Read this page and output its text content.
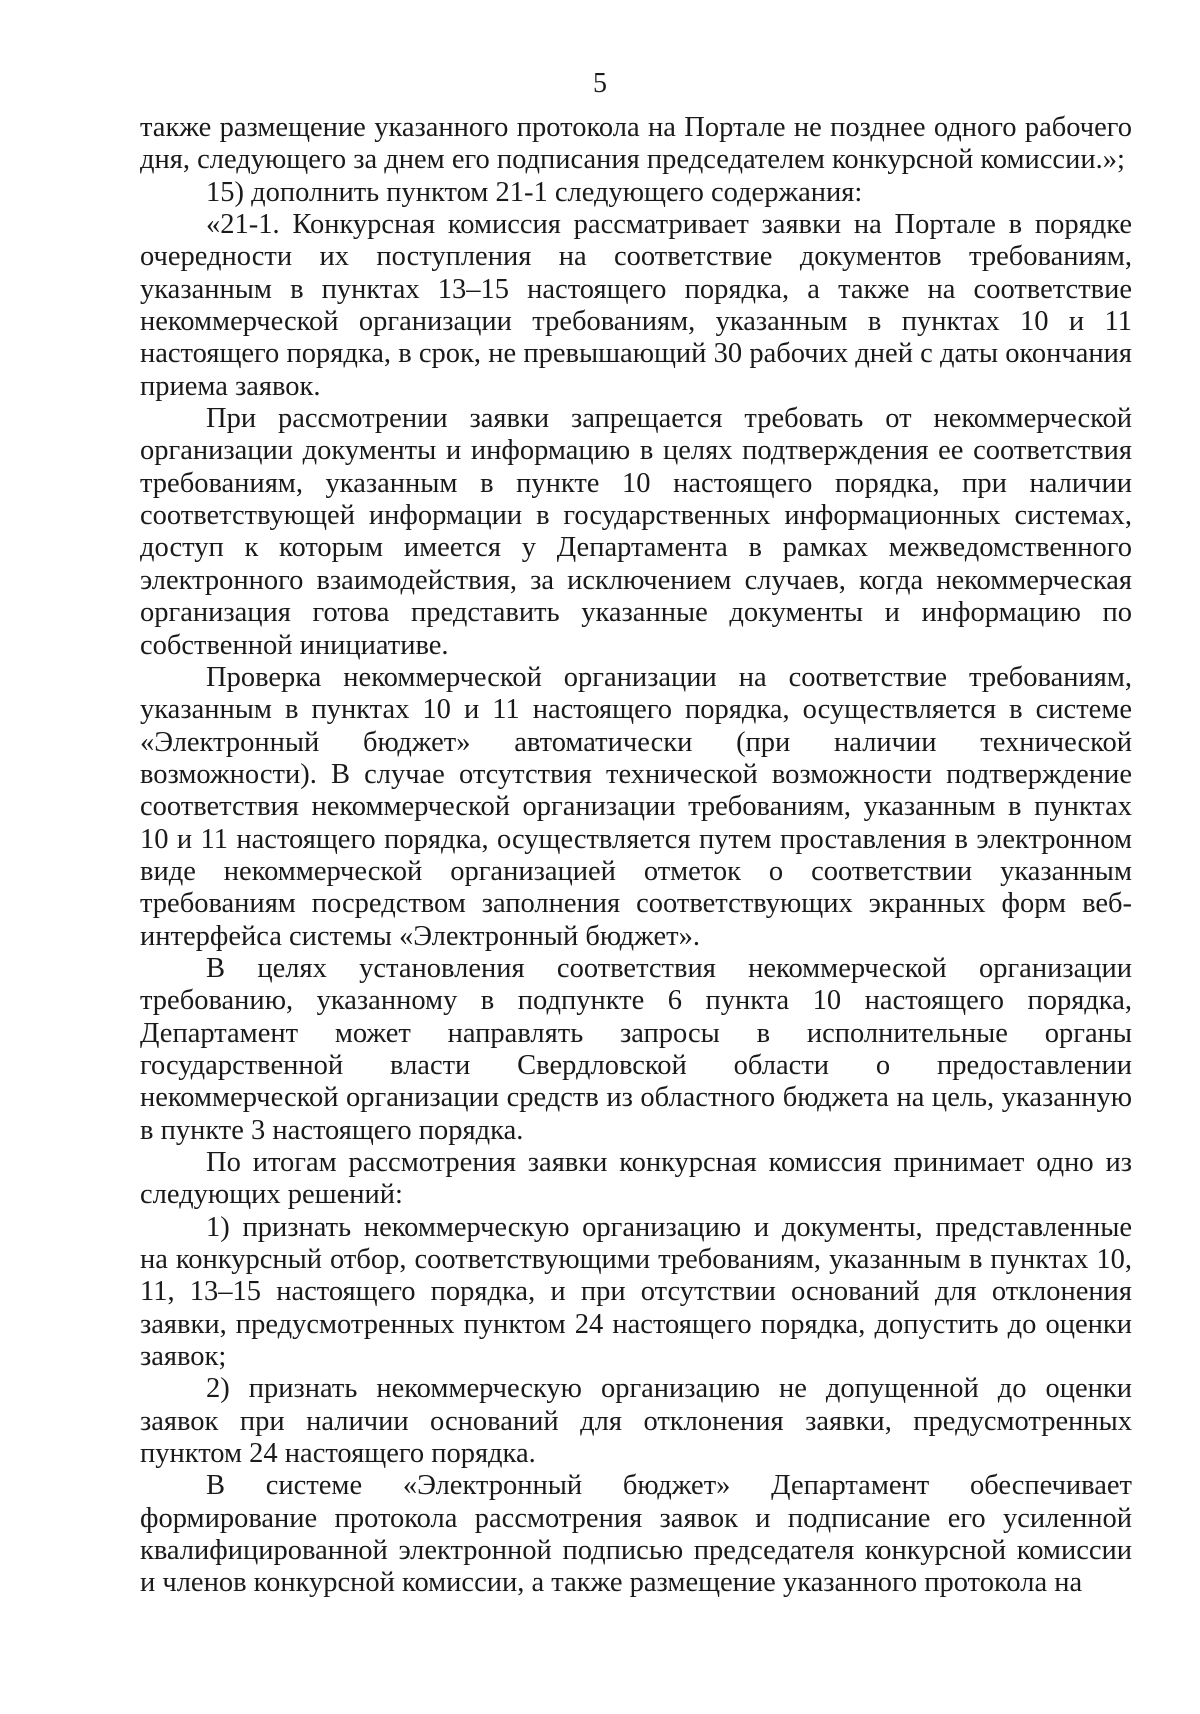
5

также размещение указанного протокола на Портале не позднее одного рабочего дня, следующего за днем его подписания председателем конкурсной комиссии.»;

15) дополнить пунктом 21-1 следующего содержания:

«21-1. Конкурсная комиссия рассматривает заявки на Портале в порядке очередности их поступления на соответствие документов требованиям, указанным в пунктах 13–15 настоящего порядка, а также на соответствие некоммерческой организации требованиям, указанным в пунктах 10 и 11 настоящего порядка, в срок, не превышающий 30 рабочих дней с даты окончания приема заявок.

При рассмотрении заявки запрещается требовать от некоммерческой организации документы и информацию в целях подтверждения ее соответствия требованиям, указанным в пункте 10 настоящего порядка, при наличии соответствующей информации в государственных информационных системах, доступ к которым имеется у Департамента в рамках межведомственного электронного взаимодействия, за исключением случаев, когда некоммерческая организация готова представить указанные документы и информацию по собственной инициативе.

Проверка некоммерческой организации на соответствие требованиям, указанным в пунктах 10 и 11 настоящего порядка, осуществляется в системе «Электронный бюджет» автоматически (при наличии технической возможности). В случае отсутствия технической возможности подтверждение соответствия некоммерческой организации требованиям, указанным в пунктах 10 и 11 настоящего порядка, осуществляется путем проставления в электронном виде некоммерческой организацией отметок о соответствии указанным требованиям посредством заполнения соответствующих экранных форм веб-интерфейса системы «Электронный бюджет».

В целях установления соответствия некоммерческой организации требованию, указанному в подпункте 6 пункта 10 настоящего порядка, Департамент может направлять запросы в исполнительные органы государственной власти Свердловской области о предоставлении некоммерческой организации средств из областного бюджета на цель, указанную в пункте 3 настоящего порядка.

По итогам рассмотрения заявки конкурсная комиссия принимает одно из следующих решений:

1) признать некоммерческую организацию и документы, представленные на конкурсный отбор, соответствующими требованиям, указанным в пунктах 10, 11, 13–15 настоящего порядка, и при отсутствии оснований для отклонения заявки, предусмотренных пунктом 24 настоящего порядка, допустить до оценки заявок;

2) признать некоммерческую организацию не допущенной до оценки заявок при наличии оснований для отклонения заявки, предусмотренных пунктом 24 настоящего порядка.

В системе «Электронный бюджет» Департамент обеспечивает формирование протокола рассмотрения заявок и подписание его усиленной квалифицированной электронной подписью председателя конкурсной комиссии и членов конкурсной комиссии, а также размещение указанного протокола на
